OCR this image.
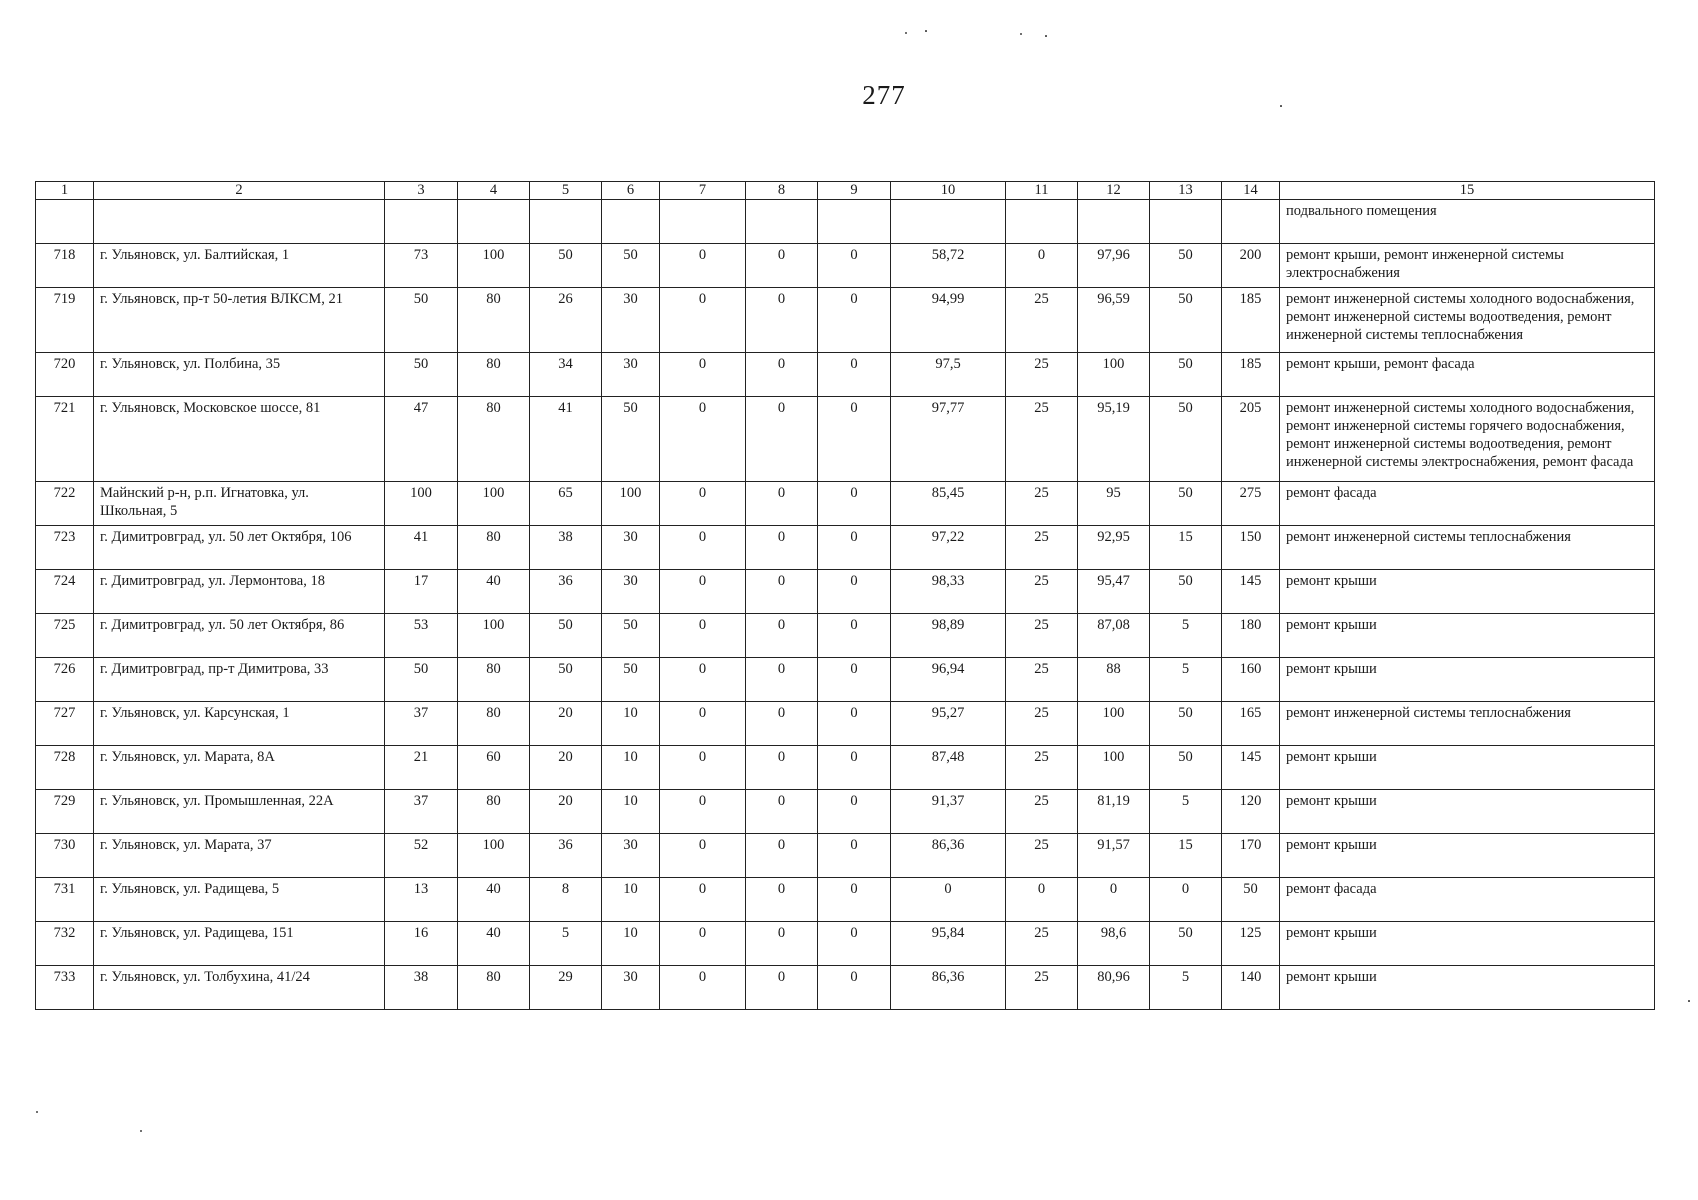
277
1	2	3	4	5	6	7	8	9	10	11	12	13	14	15
														подвального помещения
718	г. Ульяновск, ул. Балтийская, 1	73	100	50	50	0	0	0	58,72	0	97,96	50	200	ремонт крыши, ремонт инженерной системы электроснабжения
719	г. Ульяновск, пр-т 50-летия ВЛКСМ, 21	50	80	26	30	0	0	0	94,99	25	96,59	50	185	ремонт инженерной системы холодного водоснабжения, ремонт инженерной системы водоотведения, ремонт инженерной системы теплоснабжения
720	г. Ульяновск, ул. Полбина, 35	50	80	34	30	0	0	0	97,5	25	100	50	185	ремонт крыши, ремонт фасада
721	г. Ульяновск, Московское шоссе, 81	47	80	41	50	0	0	0	97,77	25	95,19	50	205	ремонт инженерной системы холодного водоснабжения, ремонт инженерной системы горячего водоснабжения, ремонт инженерной системы водоотведения, ремонт инженерной системы электроснабжения, ремонт фасада
722	Майнский р-н, р.п. Игнатовка, ул. Школьная, 5	100	100	65	100	0	0	0	85,45	25	95	50	275	ремонт фасада
723	г. Димитровград, ул. 50 лет Октября, 106	41	80	38	30	0	0	0	97,22	25	92,95	15	150	ремонт инженерной системы теплоснабжения
724	г. Димитровград, ул. Лермонтова, 18	17	40	36	30	0	0	0	98,33	25	95,47	50	145	ремонт крыши
725	г. Димитровград, ул. 50 лет Октября, 86	53	100	50	50	0	0	0	98,89	25	87,08	5	180	ремонт крыши
726	г. Димитровград, пр-т Димитрова, 33	50	80	50	50	0	0	0	96,94	25	88	5	160	ремонт крыши
727	г. Ульяновск, ул. Карсунская, 1	37	80	20	10	0	0	0	95,27	25	100	50	165	ремонт инженерной системы теплоснабжения
728	г. Ульяновск, ул. Марата, 8А	21	60	20	10	0	0	0	87,48	25	100	50	145	ремонт крыши
729	г. Ульяновск, ул. Промышленная, 22А	37	80	20	10	0	0	0	91,37	25	81,19	5	120	ремонт крыши
730	г. Ульяновск, ул. Марата, 37	52	100	36	30	0	0	0	86,36	25	91,57	15	170	ремонт крыши
731	г. Ульяновск, ул. Радищева, 5	13	40	8	10	0	0	0	0	0	0	0	50	ремонт фасада
732	г. Ульяновск, ул. Радищева, 151	16	40	5	10	0	0	0	95,84	25	98,6	50	125	ремонт крыши
733	г. Ульяновск, ул. Толбухина, 41/24	38	80	29	30	0	0	0	86,36	25	80,96	5	140	ремонт крыши
